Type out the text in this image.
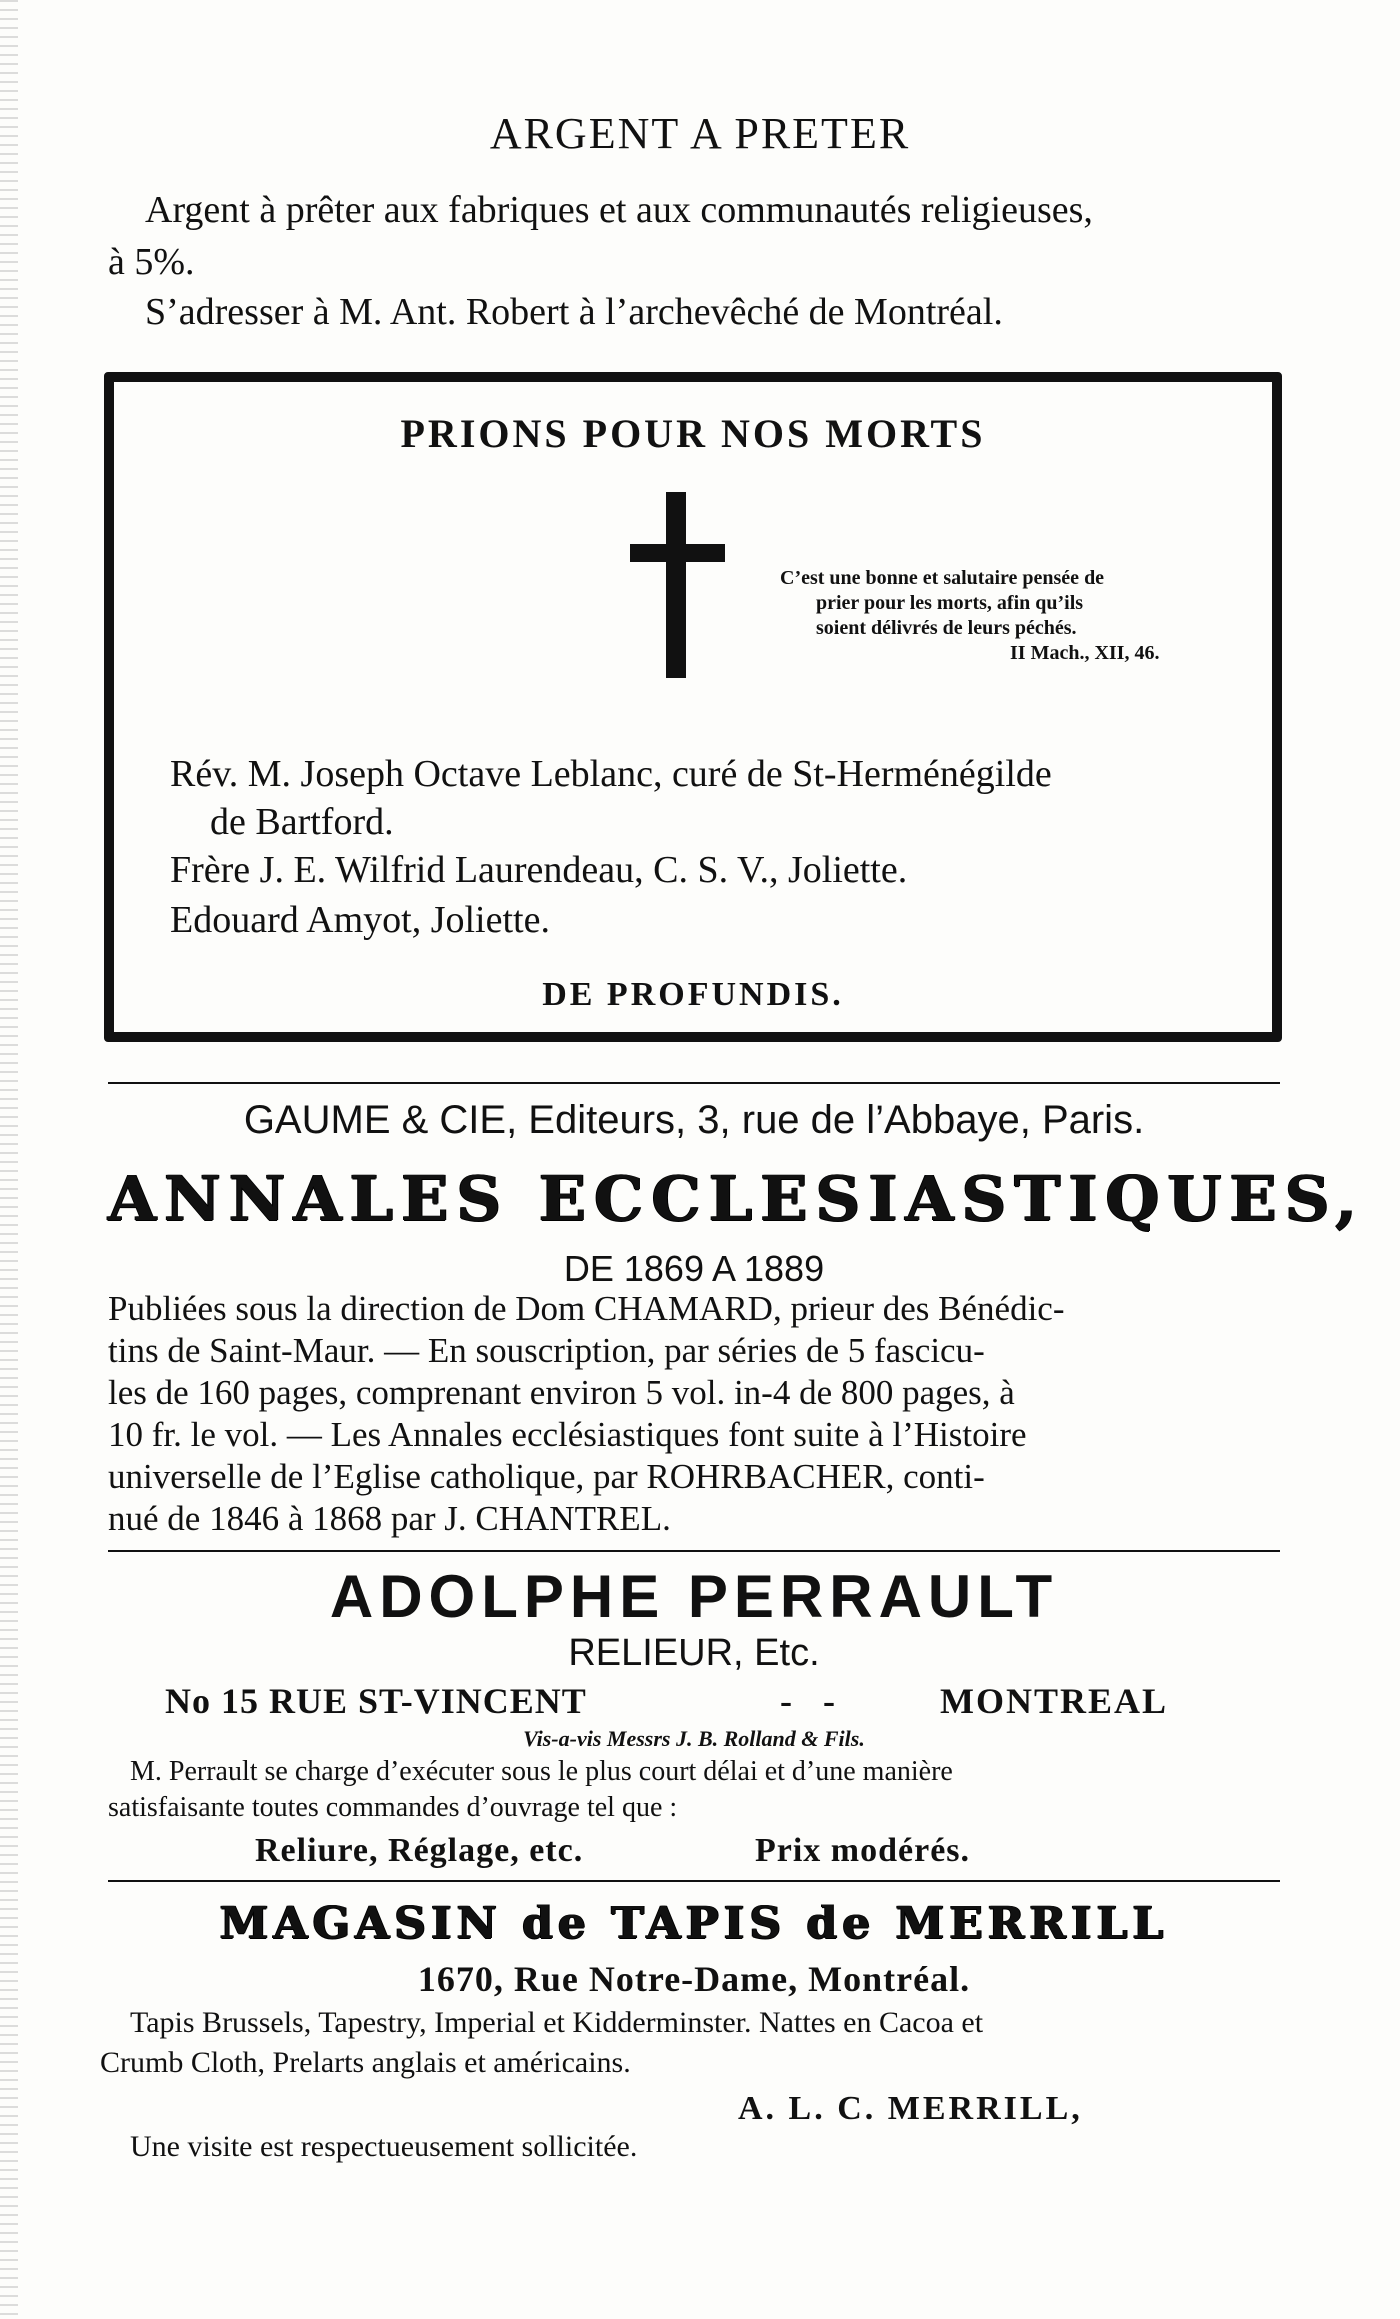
ARGENT A PRETER
Argent à prêter aux fabriques et aux communautés religieuses,
à 5%.
S’adresser à M. Ant. Robert à l’archevêché de Montréal.
PRIONS POUR NOS MORTS
C’est une bonne et salutaire pensée de
prier pour les morts, afin qu’ils
soient délivrés de leurs péchés.
II Mach., XII, 46.
Rév. M. Joseph Octave Leblanc, curé de St-Herménégilde
de Bartford.
Frère J. E. Wilfrid Laurendeau, C. S. V., Joliette.
Edouard Amyot, Joliette.
DE PROFUNDIS.
GAUME & CIE, Editeurs, 3, rue de l’Abbaye, Paris.
ANNALES ECCLESIASTIQUES,
DE 1869 A 1889
Publiées sous la direction de Dom CHAMARD, prieur des Bénédic-
tins de Saint-Maur. — En souscription, par séries de 5 fascicu-
les de 160 pages, comprenant environ 5 vol. in-4 de 800 pages, à
10 fr. le vol. — Les Annales ecclésiastiques font suite à l’Histoire
universelle de l’Eglise catholique, par ROHRBACHER, conti-
nué de 1846 à 1868 par J. CHANTREL.
ADOLPHE PERRAULT
RELIEUR, Etc.
No 15 RUE ST-VINCENT	-   -	MONTREAL
Vis-a-vis Messrs J. B. Rolland & Fils.
M. Perrault se charge d’exécuter sous le plus court délai et d’une manière
satisfaisante toutes commandes d’ouvrage tel que :
Reliure, Réglage, etc.	Prix modérés.
MAGASIN de TAPIS de MERRILL
1670, Rue Notre-Dame, Montréal.
Tapis Brussels, Tapestry, Imperial et Kidderminster. Nattes en Cacoa et
Crumb Cloth, Prelarts anglais et américains.
A. L. C. MERRILL,
Une visite est respectueusement sollicitée.
